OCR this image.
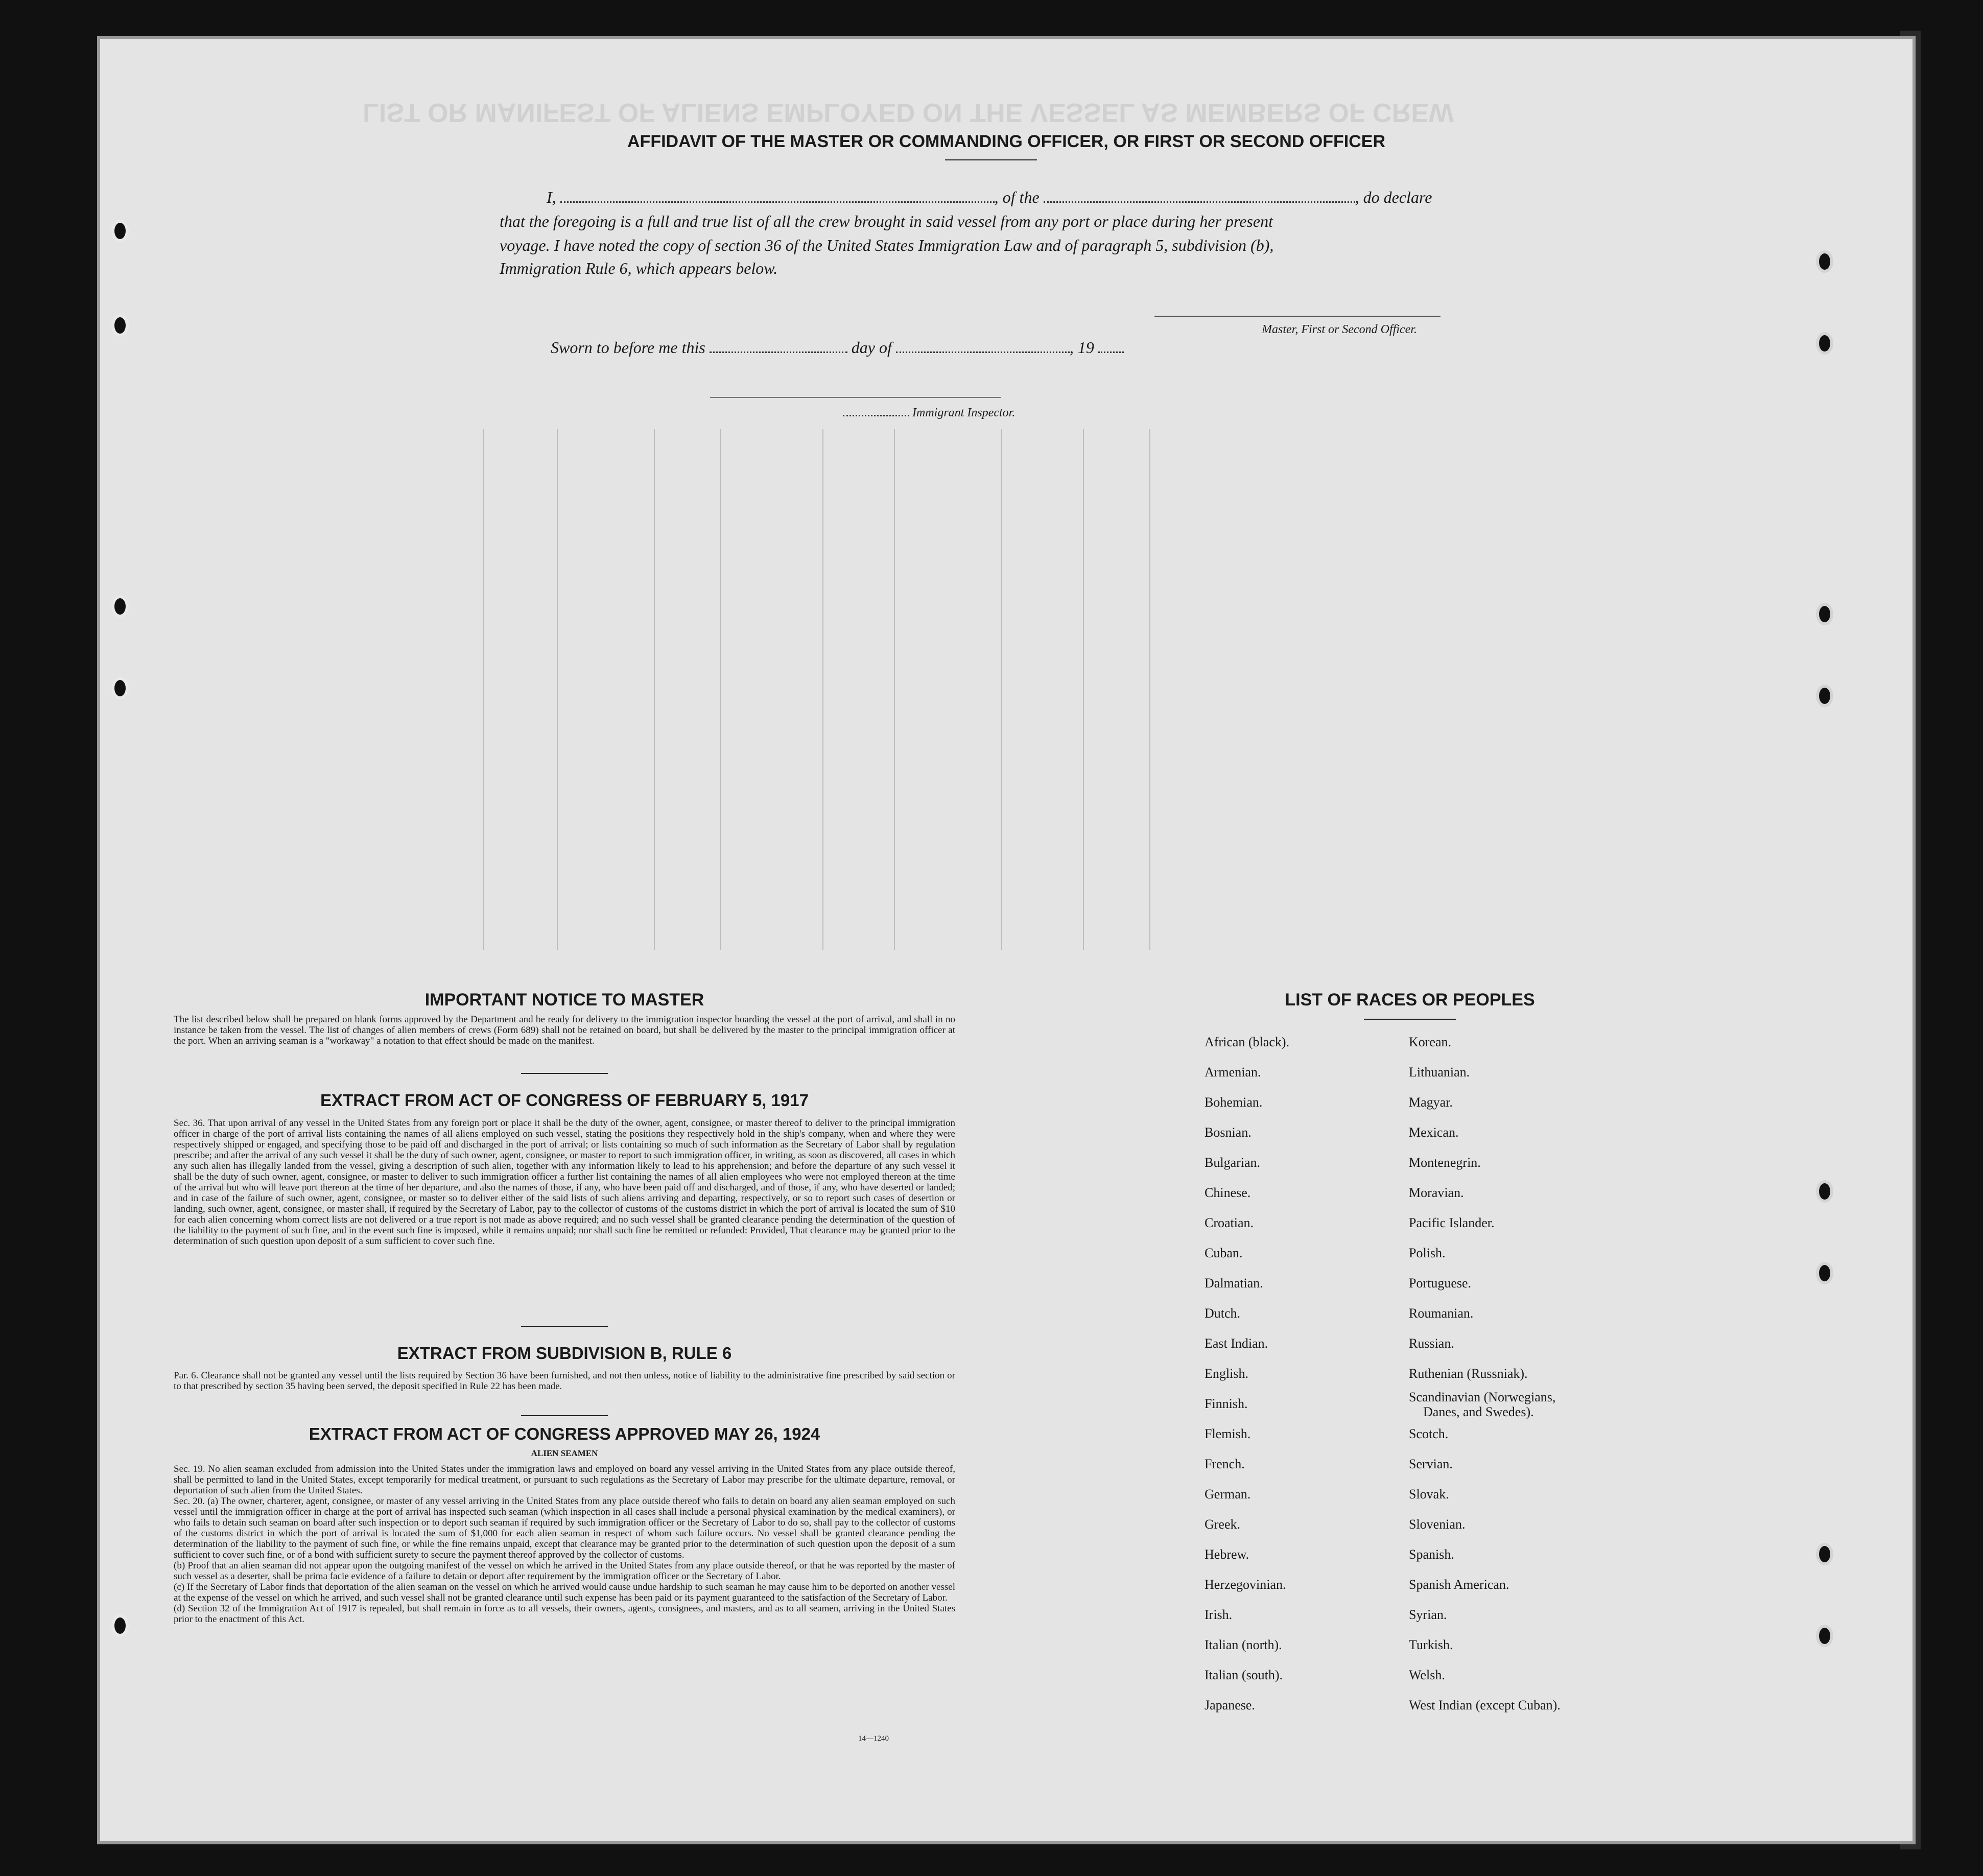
LIST OR MANIFEST OF ALIENS EMPLOYED ON THE VESSEL AS MEMBERS OF CREW
AFFIDAVIT OF THE MASTER OR COMMANDING OFFICER, OR FIRST OR SECOND OFFICER
I,	, of the	, do declare
that the foregoing is a full and true list of all the crew brought in said vessel from any port or place during her present
voyage. I have noted the copy of section 36 of the United States Immigration Law and of paragraph 5, subdivision (b),
Immigration Rule 6, which appears below.
Master, First or Second Officer.
Sworn to before me this	day of	, 19
Immigrant Inspector.
IMPORTANT NOTICE TO MASTER
The list described below shall be prepared on blank forms approved by the Department and be ready for delivery to the immigration inspector boarding the vessel at the port of arrival, and shall in no instance be taken from the vessel. The list of changes of alien members of crews (Form 689) shall not be retained on board, but shall be delivered by the master to the principal immigration officer at the port. When an arriving seaman is a "workaway" a notation to that effect should be made on the manifest.
EXTRACT FROM ACT OF CONGRESS OF FEBRUARY 5, 1917
Sec. 36. That upon arrival of any vessel in the United States from any foreign port or place it shall be the duty of the owner, agent, consignee, or master thereof to deliver to the principal immigration officer in charge of the port of arrival lists containing the names of all aliens employed on such vessel, stating the positions they respectively hold in the ship's company, when and where they were respectively shipped or engaged, and specifying those to be paid off and discharged in the port of arrival; or lists containing so much of such information as the Secretary of Labor shall by regulation prescribe; and after the arrival of any such vessel it shall be the duty of such owner, agent, consignee, or master to report to such immigration officer, in writing, as soon as discovered, all cases in which any such alien has illegally landed from the vessel, giving a description of such alien, together with any information likely to lead to his apprehension; and before the departure of any such vessel it shall be the duty of such owner, agent, consignee, or master to deliver to such immigration officer a further list containing the names of all alien employees who were not employed thereon at the time of the arrival but who will leave port thereon at the time of her departure, and also the names of those, if any, who have been paid off and discharged, and of those, if any, who have deserted or landed; and in case of the failure of such owner, agent, consignee, or master so to deliver either of the said lists of such aliens arriving and departing, respectively, or so to report such cases of desertion or landing, such owner, agent, consignee, or master shall, if required by the Secretary of Labor, pay to the collector of customs of the customs district in which the port of arrival is located the sum of $10 for each alien concerning whom correct lists are not delivered or a true report is not made as above required; and no such vessel shall be granted clearance pending the determination of the question of the liability to the payment of such fine, and in the event such fine is imposed, while it remains unpaid; nor shall such fine be remitted or refunded: Provided, That clearance may be granted prior to the determination of such question upon deposit of a sum sufficient to cover such fine.
EXTRACT FROM SUBDIVISION B, RULE 6
Par. 6. Clearance shall not be granted any vessel until the lists required by Section 36 have been furnished, and not then unless, notice of liability to the administrative fine prescribed by said section or to that prescribed by section 35 having been served, the deposit specified in Rule 22 has been made.
EXTRACT FROM ACT OF CONGRESS APPROVED MAY 26, 1924
ALIEN SEAMEN

Sec. 19. No alien seaman excluded from admission into the United States under the immigration laws and employed on board any vessel arriving in the United States from any place outside thereof, shall be permitted to land in the United States, except temporarily for medical treatment, or pursuant to such regulations as the Secretary of Labor may prescribe for the ultimate departure, removal, or deportation of such alien from the United States.

Sec. 20. (a) The owner, charterer, agent, consignee, or master of any vessel arriving in the United States from any place outside thereof who fails to detain on board any alien seaman employed on such vessel until the immigration officer in charge at the port of arrival has inspected such seaman (which inspection in all cases shall include a personal physical examination by the medical examiners), or who fails to detain such seaman on board after such inspection or to deport such seaman if required by such immigration officer or the Secretary of Labor to do so, shall pay to the collector of customs of the customs district in which the port of arrival is located the sum of $1,000 for each alien seaman in respect of whom such failure occurs. No vessel shall be granted clearance pending the determination of the liability to the payment of such fine, or while the fine remains unpaid, except that clearance may be granted prior to the determination of such question upon the deposit of a sum sufficient to cover such fine, or of a bond with sufficient surety to secure the payment thereof approved by the collector of customs.

(b) Proof that an alien seaman did not appear upon the outgoing manifest of the vessel on which he arrived in the United States from any place outside thereof, or that he was reported by the master of such vessel as a deserter, shall be prima facie evidence of a failure to detain or deport after requirement by the immigration officer or the Secretary of Labor.

(c) If the Secretary of Labor finds that deportation of the alien seaman on the vessel on which he arrived would cause undue hardship to such seaman he may cause him to be deported on another vessel at the expense of the vessel on which he arrived, and such vessel shall not be granted clearance until such expense has been paid or its payment guaranteed to the satisfaction of the Secretary of Labor.

(d) Section 32 of the Immigration Act of 1917 is repealed, but shall remain in force as to all vessels, their owners, agents, consignees, and masters, and as to all seamen, arriving in the United States prior to the enactment of this Act.

14—1240
LIST OF RACES OR PEOPLES
African (black).
Armenian.
Bohemian.
Bosnian.
Bulgarian.
Chinese.
Croatian.
Cuban.
Dalmatian.
Dutch.
East Indian.
English.
Finnish.
Flemish.
French.
German.
Greek.
Hebrew.
Herzegovinian.
Irish.
Italian (north).
Italian (south).
Japanese.
Korean.
Lithuanian.
Magyar.
Mexican.
Montenegrin.
Moravian.
Pacific Islander.
Polish.
Portuguese.
Roumanian.
Russian.
Ruthenian (Russniak).
Scandinavian (Norwegians,
Danes, and Swedes).
Scotch.
Servian.
Slovak.
Slovenian.
Spanish.
Spanish American.
Syrian.
Turkish.
Welsh.
West Indian (except Cuban).
